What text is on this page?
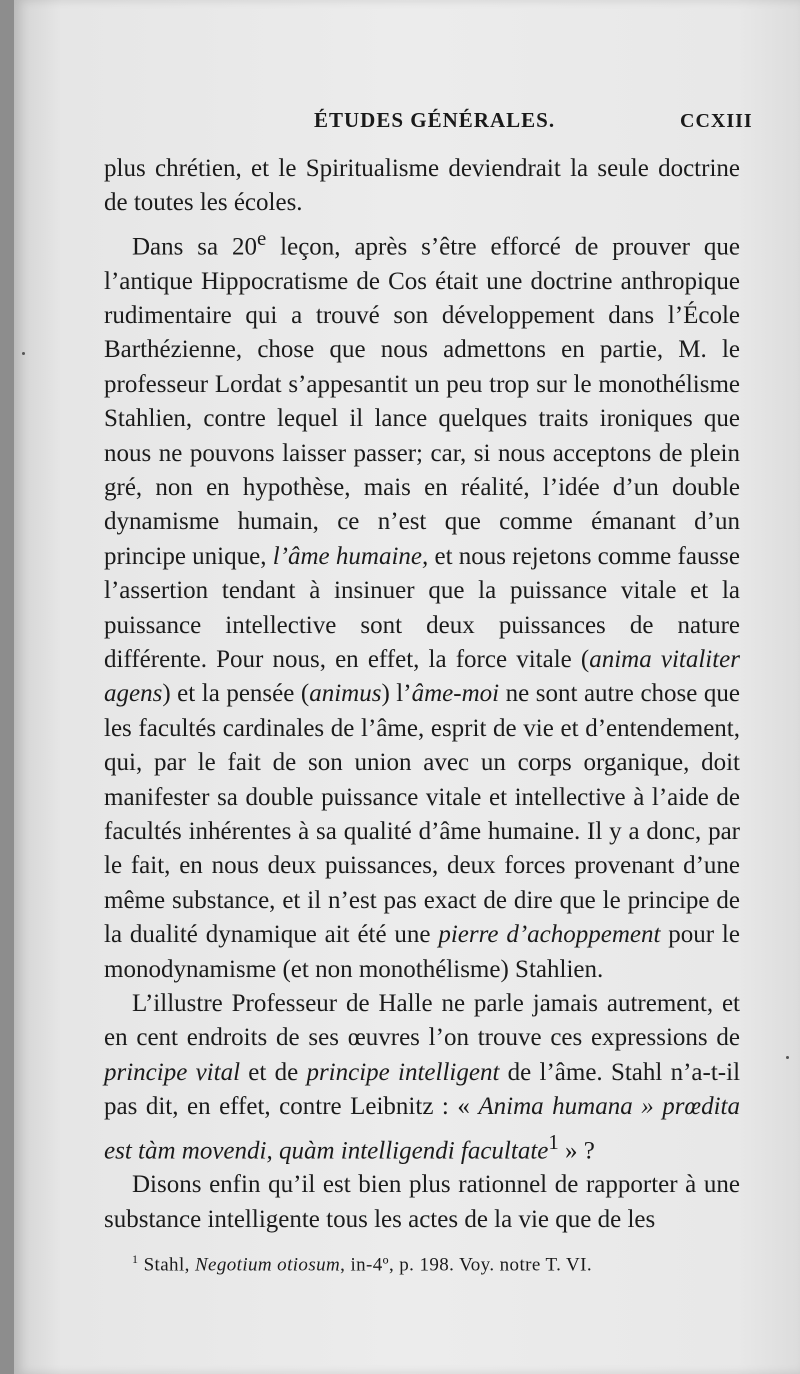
ÉTUDES GÉNÉRALES.	CCXIII

plus chrétien, et le Spiritualisme deviendrait la seule doctrine de toutes les écoles.

Dans sa 20e leçon, après s’être efforcé de prouver que l’antique Hippocratisme de Cos était une doctrine anthropique rudimentaire qui a trouvé son développement dans l’École Barthézienne, chose que nous admettons en partie, M. le professeur Lordat s’appesantit un peu trop sur le monothélisme Stahlien, contre lequel il lance quelques traits ironiques que nous ne pouvons laisser passer; car, si nous acceptons de plein gré, non en hypothèse, mais en réalité, l’idée d’un double dynamisme humain, ce n’est que comme émanant d’un principe unique, l’âme humaine, et nous rejetons comme fausse l’assertion tendant à insinuer que la puissance vitale et la puissance intellective sont deux puissances de nature différente. Pour nous, en effet, la force vitale (anima vitaliter agens) et la pensée (animus) l’âme-moi ne sont autre chose que les facultés cardinales de l’âme, esprit de vie et d’entendement, qui, par le fait de son union avec un corps organique, doit manifester sa double puissance vitale et intellective à l’aide de facultés inhérentes à sa qualité d’âme humaine. Il y a donc, par le fait, en nous deux puissances, deux forces provenant d’une même substance, et il n’est pas exact de dire que le principe de la dualité dynamique ait été une pierre d’achoppement pour le monodynamisme (et non monothélisme) Stahlien.

L’illustre Professeur de Halle ne parle jamais autrement, et en cent endroits de ses œuvres l’on trouve ces expressions de principe vital et de principe intelligent de l’âme. Stahl n’a-t-il pas dit, en effet, contre Leibnitz : « Anima humana » prœdita est tàm movendi, quàm intelligendi facultate$^1$ » ?

Disons enfin qu’il est bien plus rationnel de rapporter à une substance intelligente tous les actes de la vie que de les

$^1$ Stahl, Negotium otiosum, in-4º, p. 198. Voy. notre T. VI.
